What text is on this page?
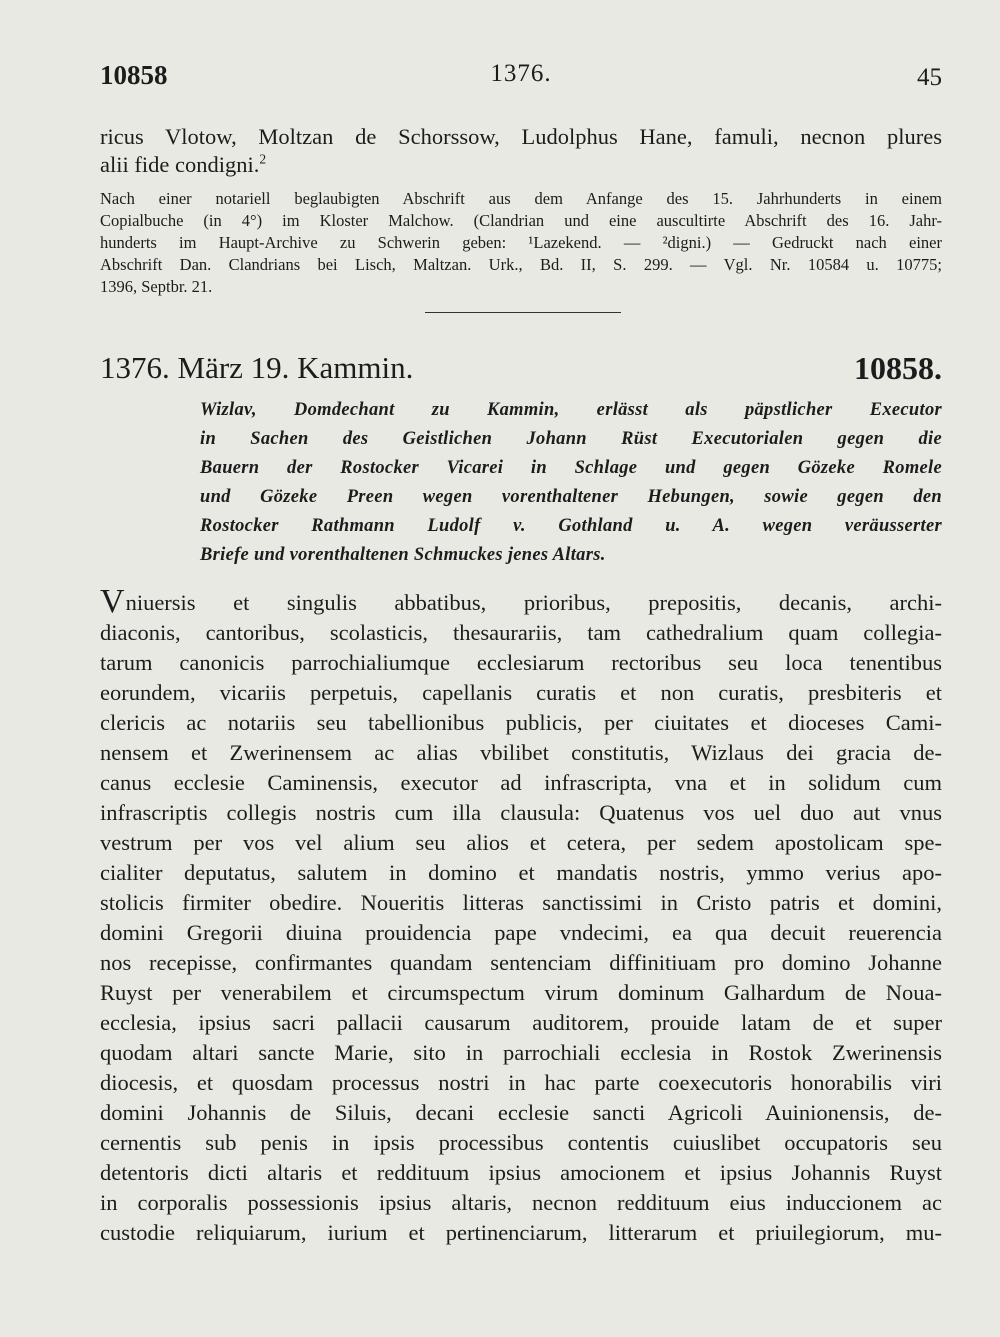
10858	1376.	45
ricus Vlotow, Moltzan de Schorssow, Ludolphus Hane, famuli, necnon plures
alii fide condigni.$^2$
Nach einer notariell beglaubigten Abschrift aus dem Anfange des 15. Jahrhunderts in einem
Copialbuche (in 4°) im Kloster Malchow. (Clandrian und eine auscultirte Abschrift des 16. Jahr-
hunderts im Haupt-Archive zu Schwerin geben: ¹Lazekend. — ²digni.) — Gedruckt nach einer
Abschrift Dan. Clandrians bei Lisch, Maltzan. Urk., Bd. II, S. 299. — Vgl. Nr. 10584 u. 10775;
1396, Septbr. 21.
1376. März 19. Kammin.	10858.
Wizlav, Domdechant zu Kammin, erlässt als päpstlicher Executor
in Sachen des Geistlichen Johann Rüst Executorialen gegen die
Bauern der Rostocker Vicarei in Schlage und gegen Gözeke Romele
und Gözeke Preen wegen vorenthaltener Hebungen, sowie gegen den
Rostocker Rathmann Ludolf v. Gothland u. A. wegen veräusserter
Briefe und vorenthaltenen Schmuckes jenes Altars.
Vniuersis et singulis abbatibus, prioribus, prepositis, decanis, archi-
diaconis, cantoribus, scolasticis, thesaurariis, tam cathedralium quam collegia-
tarum canonicis parrochialiumque ecclesiarum rectoribus seu loca tenentibus
eorundem, vicariis perpetuis, capellanis curatis et non curatis, presbiteris et
clericis ac notariis seu tabellionibus publicis, per ciuitates et dioceses Cami-
nensem et Zwerinensem ac alias vbilibet constitutis, Wizlaus dei gracia de-
canus ecclesie Caminensis, executor ad infrascripta, vna et in solidum cum
infrascriptis collegis nostris cum illa clausula: Quatenus vos uel duo aut vnus
vestrum per vos vel alium seu alios et cetera, per sedem apostolicam spe-
cialiter deputatus, salutem in domino et mandatis nostris, ymmo verius apo-
stolicis firmiter obedire. Noueritis litteras sanctissimi in Cristo patris et domini,
domini Gregorii diuina prouidencia pape vndecimi, ea qua decuit reuerencia
nos recepisse, confirmantes quandam sentenciam diffinitiuam pro domino Johanne
Ruyst per venerabilem et circumspectum virum dominum Galhardum de Noua-
ecclesia, ipsius sacri pallacii causarum auditorem, prouide latam de et super
quodam altari sancte Marie, sito in parrochiali ecclesia in Rostok Zwerinensis
diocesis, et quosdam processus nostri in hac parte coexecutoris honorabilis viri
domini Johannis de Siluis, decani ecclesie sancti Agricoli Auinionensis, de-
cernentis sub penis in ipsis processibus contentis cuiuslibet occupatoris seu
detentoris dicti altaris et reddituum ipsius amocionem et ipsius Johannis Ruyst
in corporalis possessionis ipsius altaris, necnon reddituum eius induccionem ac
custodie reliquiarum, iurium et pertinenciarum, litterarum et priuilegiorum, mu-
